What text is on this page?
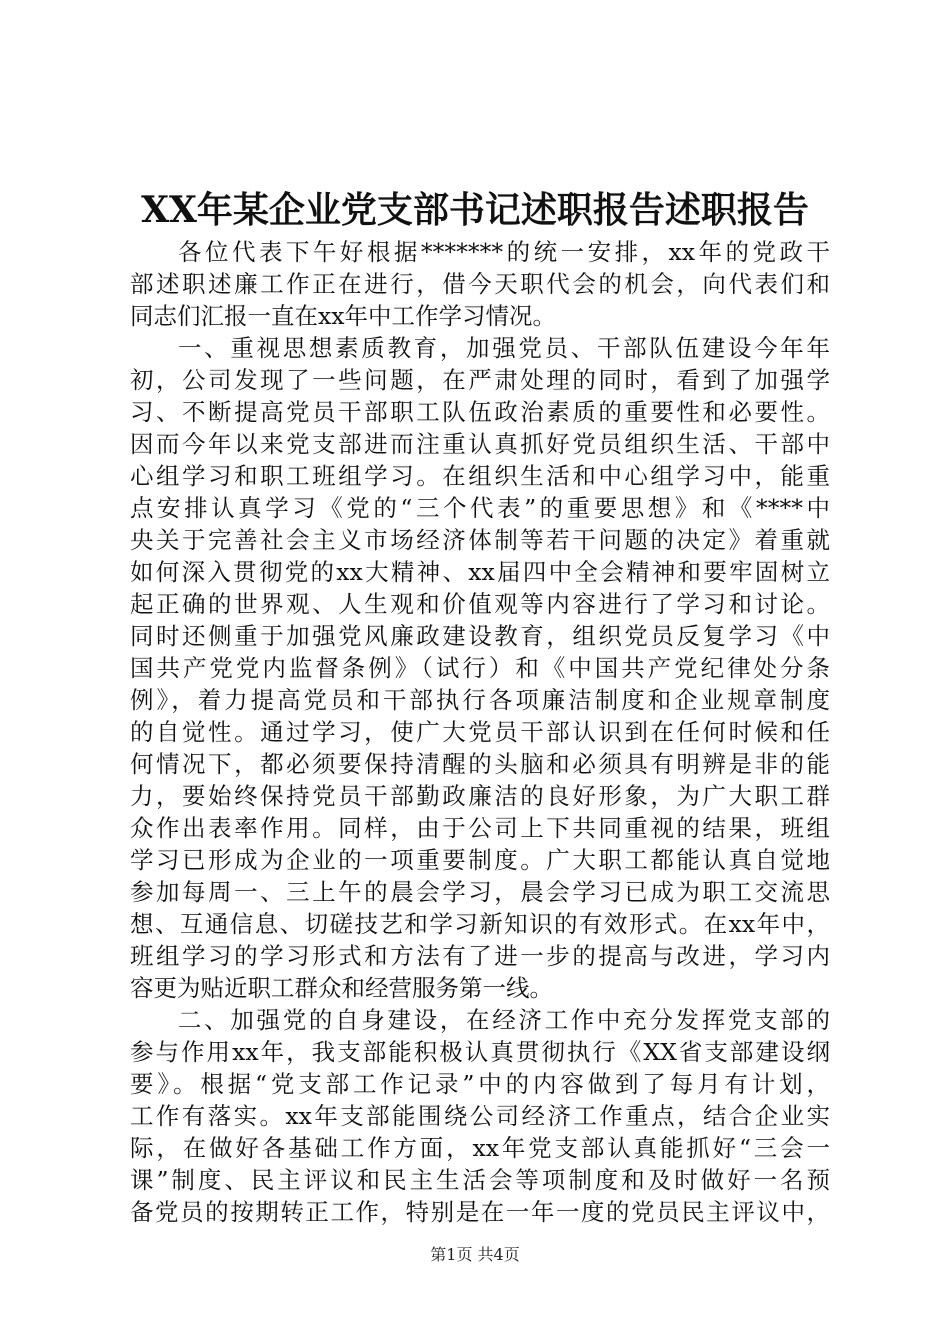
XX年某企业党支部书记述职报告述职报告
各位代表下午好根据*******的统一安排，xx年的党政干
部述职述廉工作正在进行，借今天职代会的机会，向代表们和
同志们汇报一直在xx年中工作学习情况。
一、重视思想素质教育，加强党员、干部队伍建设今年年
初，公司发现了一些问题，在严肃处理的同时，看到了加强学
习、不断提高党员干部职工队伍政治素质的重要性和必要性。
因而今年以来党支部进而注重认真抓好党员组织生活、干部中
心组学习和职工班组学习。在组织生活和中心组学习中，能重
点安排认真学习《党的“三个代表”的重要思想》和《****中
央关于完善社会主义市场经济体制等若干问题的决定》着重就
如何深入贯彻党的xx大精神、xx届四中全会精神和要牢固树立
起正确的世界观、人生观和价值观等内容进行了学习和讨论。
同时还侧重于加强党风廉政建设教育，组织党员反复学习《中
国共产党党内监督条例》（试行）和《中国共产党纪律处分条
例》，着力提高党员和干部执行各项廉洁制度和企业规章制度
的自觉性。通过学习，使广大党员干部认识到在任何时候和任
何情况下，都必须要保持清醒的头脑和必须具有明辨是非的能
力，要始终保持党员干部勤政廉洁的良好形象，为广大职工群
众作出表率作用。同样，由于公司上下共同重视的结果，班组
学习已形成为企业的一项重要制度。广大职工都能认真自觉地
参加每周一、三上午的晨会学习，晨会学习已成为职工交流思
想、互通信息、切磋技艺和学习新知识的有效形式。在xx年中，
班组学习的学习形式和方法有了进一步的提高与改进，学习内
容更为贴近职工群众和经营服务第一线。
二、加强党的自身建设，在经济工作中充分发挥党支部的
参与作用xx年，我支部能积极认真贯彻执行《XX省支部建设纲
要》。根据“党支部工作记录”中的内容做到了每月有计划，
工作有落实。xx年支部能围绕公司经济工作重点，结合企业实
际，在做好各基础工作方面，xx年党支部认真能抓好“三会一
课”制度、民主评议和民主生活会等项制度和及时做好一名预
备党员的按期转正工作，特别是在一年一度的党员民主评议中，
第1页 共4页
